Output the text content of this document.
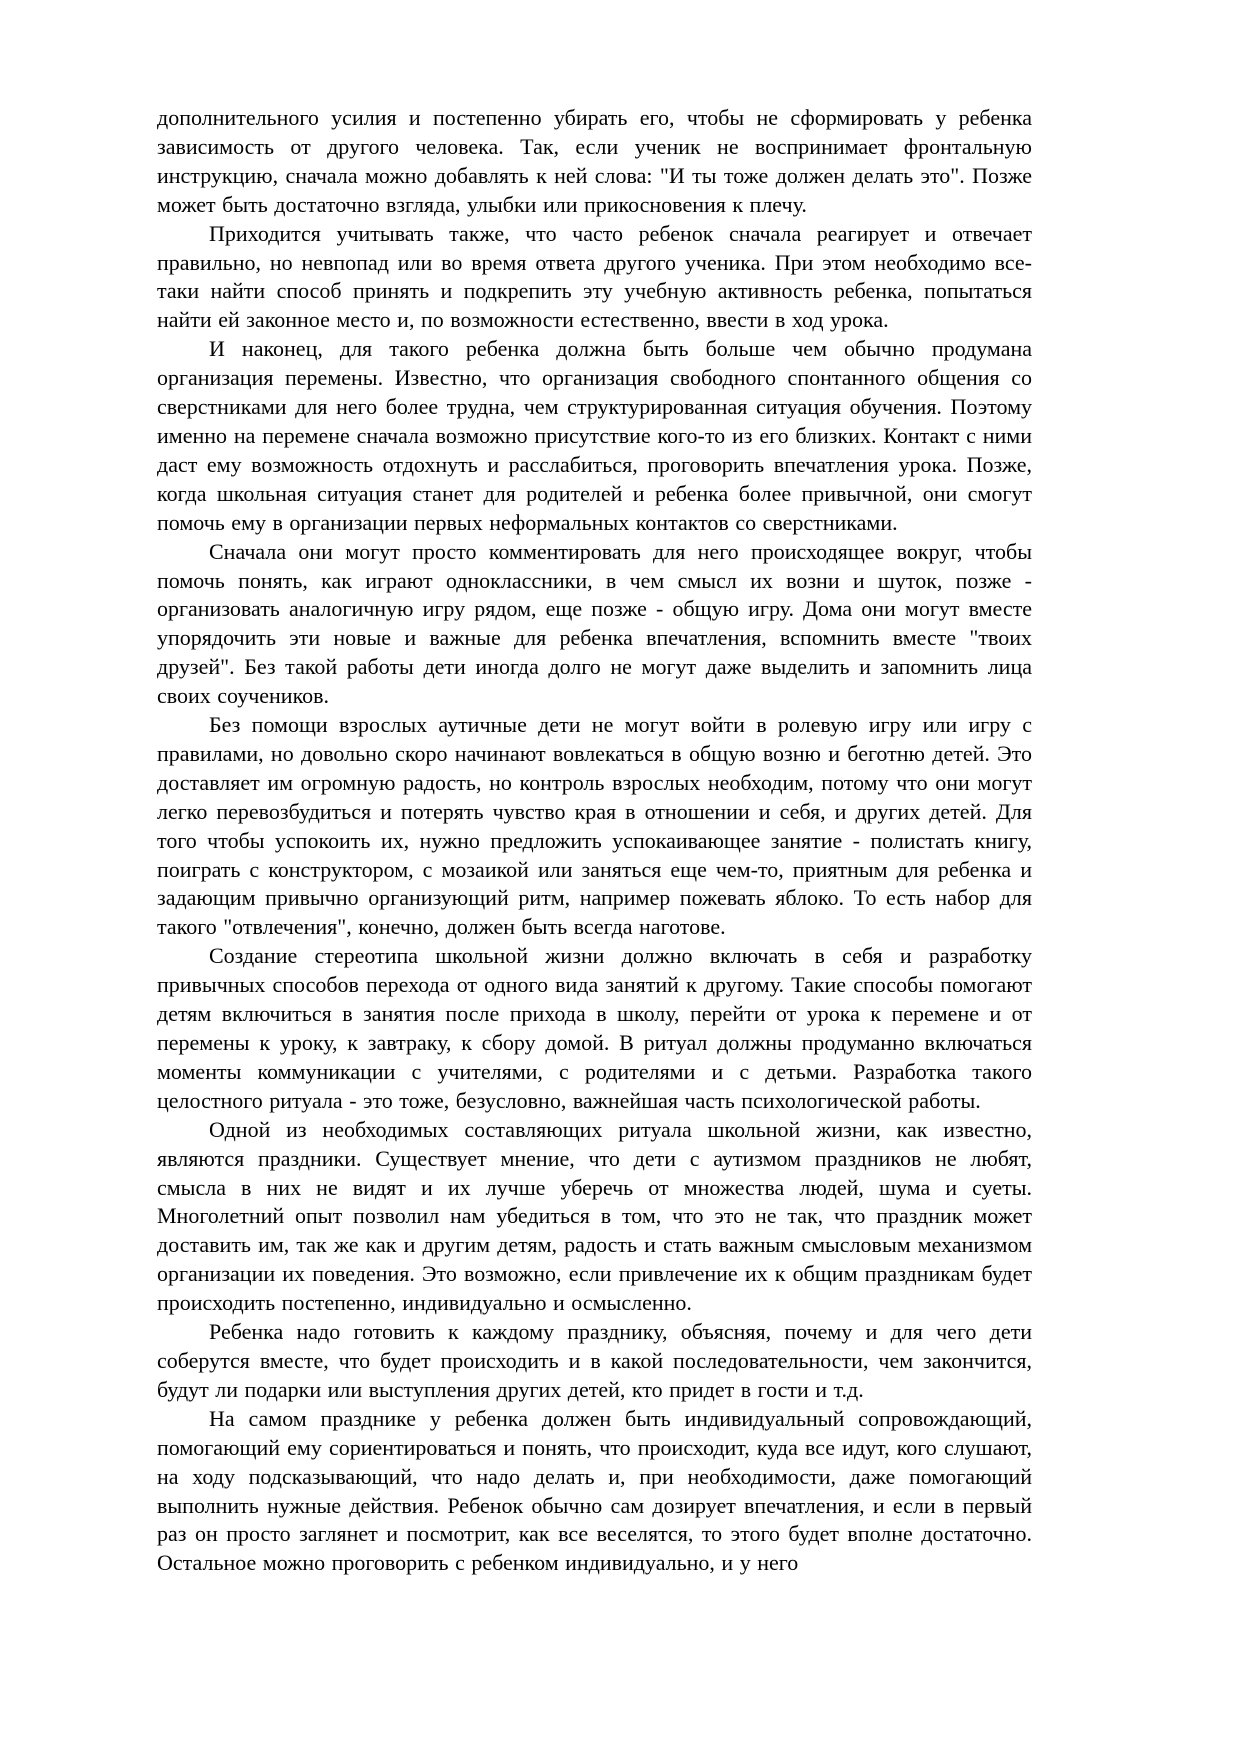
дополнительного усилия и постепенно убирать его, чтобы не сформировать у ребенка зависимость от другого человека. Так, если ученик не воспринимает фронтальную инструкцию, сначала можно добавлять к ней слова: "И ты тоже должен делать это". Позже может быть достаточно взгляда, улыбки или прикосновения к плечу.

Приходится учитывать также, что часто ребенок сначала реагирует и отвечает правильно, но невпопад или во время ответа другого ученика. При этом необходимо все-таки найти способ принять и подкрепить эту учебную активность ребенка, попытаться найти ей законное место и, по возможности естественно, ввести в ход урока.

И наконец, для такого ребенка должна быть больше чем обычно продумана организация перемены. Известно, что организация свободного спонтанного общения со сверстниками для него более трудна, чем структурированная ситуация обучения. Поэтому именно на перемене сначала возможно присутствие кого-то из его близких. Контакт с ними даст ему возможность отдохнуть и расслабиться, проговорить впечатления урока. Позже, когда школьная ситуация станет для родителей и ребенка более привычной, они смогут помочь ему в организации первых неформальных контактов со сверстниками.

Сначала они могут просто комментировать для него происходящее вокруг, чтобы помочь понять, как играют одноклассники, в чем смысл их возни и шуток, позже - организовать аналогичную игру рядом, еще позже - общую игру. Дома они могут вместе упорядочить эти новые и важные для ребенка впечатления, вспомнить вместе "твоих друзей". Без такой работы дети иногда долго не могут даже выделить и запомнить лица своих соучеников.

Без помощи взрослых аутичные дети не могут войти в ролевую игру или игру с правилами, но довольно скоро начинают вовлекаться в общую возню и беготню детей. Это доставляет им огромную радость, но контроль взрослых необходим, потому что они могут легко перевозбудиться и потерять чувство края в отношении и себя, и других детей. Для того чтобы успокоить их, нужно предложить успокаивающее занятие - полистать книгу, поиграть с конструктором, с мозаикой или заняться еще чем-то, приятным для ребенка и задающим привычно организующий ритм, например пожевать яблоко. То есть набор для такого "отвлечения", конечно, должен быть всегда наготове.

Создание стереотипа школьной жизни должно включать в себя и разработку привычных способов перехода от одного вида занятий к другому. Такие способы помогают детям включиться в занятия после прихода в школу, перейти от урока к перемене и от перемены к уроку, к завтраку, к сбору домой. В ритуал должны продуманно включаться моменты коммуникации с учителями, с родителями и с детьми. Разработка такого целостного ритуала - это тоже, безусловно, важнейшая часть психологической работы.

Одной из необходимых составляющих ритуала школьной жизни, как известно, являются праздники. Существует мнение, что дети с аутизмом праздников не любят, смысла в них не видят и их лучше уберечь от множества людей, шума и суеты. Многолетний опыт позволил нам убедиться в том, что это не так, что праздник может доставить им, так же как и другим детям, радость и стать важным смысловым механизмом организации их поведения. Это возможно, если привлечение их к общим праздникам будет происходить постепенно, индивидуально и осмысленно.

Ребенка надо готовить к каждому празднику, объясняя, почему и для чего дети соберутся вместе, что будет происходить и в какой последовательности, чем закончится, будут ли подарки или выступления других детей, кто придет в гости и т.д.

На самом празднике у ребенка должен быть индивидуальный сопровождающий, помогающий ему сориентироваться и понять, что происходит, куда все идут, кого слушают, на ходу подсказывающий, что надо делать и, при необходимости, даже помогающий выполнить нужные действия. Ребенок обычно сам дозирует впечатления, и если в первый раз он просто заглянет и посмотрит, как все веселятся, то этого будет вполне достаточно. Остальное можно проговорить с ребенком индивидуально, и у него
